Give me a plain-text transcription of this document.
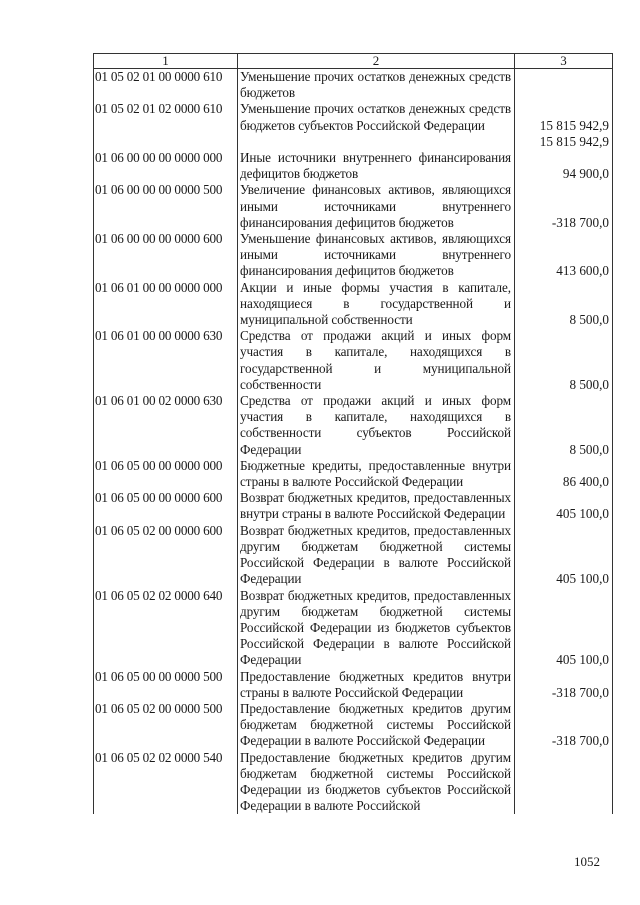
1	2	3
01 05 02 01 00 0000 610	Уменьшение прочих остатков денежных средств бюджетов	
01 05 02 01 02 0000 610	Уменьшение прочих остатков денежных средств бюджетов субъектов Российской Федерации	15 815 942,9
		15 815 942,9
01 06 00 00 00 0000 000	Иные источники внутреннего финансирования дефицитов бюджетов	94 900,0
01 06 00 00 00 0000 500	Увеличение финансовых активов, являющихся иными источниками внутреннего финансирования дефицитов бюджетов	-318 700,0
01 06 00 00 00 0000 600	Уменьшение финансовых активов, являющихся иными источниками внутреннего финансирования дефицитов бюджетов	413 600,0
01 06 01 00 00 0000 000	Акции и иные формы участия в капитале, находящиеся в государственной и муниципальной собственности	8 500,0
01 06 01 00 00 0000 630	Средства от продажи акций и иных форм участия в капитале, находящихся в государственной и муниципальной собственности	8 500,0
01 06 01 00 02 0000 630	Средства от продажи акций и иных форм участия в капитале, находящихся в собственности субъектов Российской Федерации	8 500,0
01 06 05 00 00 0000 000	Бюджетные кредиты, предоставленные внутри страны в валюте Российской Федерации	86 400,0
01 06 05 00 00 0000 600	Возврат бюджетных кредитов, предоставленных внутри страны в валюте Российской Федерации	405 100,0
01 06 05 02 00 0000 600	Возврат бюджетных кредитов, предоставленных другим бюджетам бюджетной системы Российской Федерации в валюте Российской Федерации	405 100,0
01 06 05 02 02 0000 640	Возврат бюджетных кредитов, предоставленных другим бюджетам бюджетной системы Российской Федерации из бюджетов субъектов Российской Федерации в валюте Российской Федерации	405 100,0
01 06 05 00 00 0000 500	Предоставление бюджетных кредитов внутри страны в валюте Российской Федерации	-318 700,0
01 06 05 02 00 0000 500	Предоставление бюджетных кредитов другим бюджетам бюджетной системы Российской Федерации в валюте Российской Федерации	-318 700,0
01 06 05 02 02 0000 540	Предоставление бюджетных кредитов другим бюджетам бюджетной системы Российской Федерации из бюджетов субъектов Российской Федерации в валюте Российской	
1052
